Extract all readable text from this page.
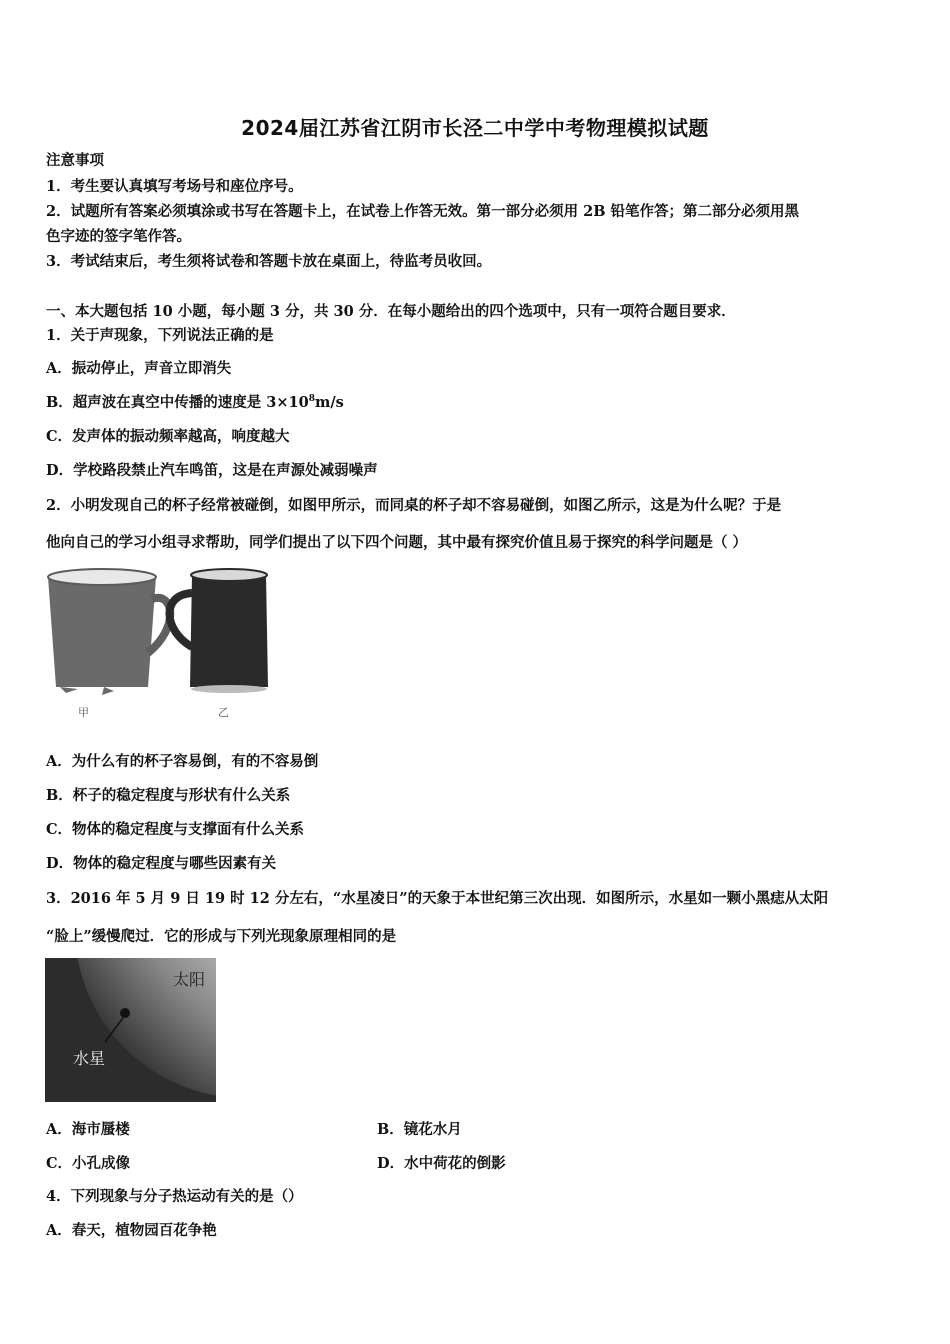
2024届江苏省江阴市长泾二中学中考物理模拟试题
注意事项
1．考生要认真填写考场号和座位序号。
2．试题所有答案必须填涂或书写在答题卡上，在试卷上作答无效。第一部分必须用 2B 铅笔作答；第二部分必须用黑
色字迹的签字笔作答。
3．考试结束后，考生须将试卷和答题卡放在桌面上，待监考员收回。
一、本大题包括 10 小题，每小题 3 分，共 30 分．在每小题给出的四个选项中，只有一项符合题目要求．
1．关于声现象，下列说法正确的是
A．振动停止，声音立即消失
B．超声波在真空中传播的速度是 $3\times 10^8m/s$
C．发声体的振动频率越高，响度越大
D．学校路段禁止汽车鸣笛，这是在声源处减弱噪声
2．小明发现自己的杯子经常被碰倒，如图甲所示，而同桌的杯子却不容易碰倒，如图乙所示，这是为什么呢？于是
他向自己的学习小组寻求帮助，同学们提出了以下四个问题，其中最有探究价值且易于探究的科学问题是（ ）
甲	乙
A．为什么有的杯子容易倒，有的不容易倒
B．杯子的稳定程度与形状有什么关系
C．物体的稳定程度与支撑面有什么关系
D．物体的稳定程度与哪些因素有关
3．2016 年 5 月 9 日 19 时 12 分左右，“水星凌日”的天象于本世纪第三次出现．如图所示，水星如一颗小黑痣从太阳
“脸上”缓慢爬过．它的形成与下列光现象原理相同的是
太阳
水星
A．海市蜃楼	B．镜花水月
C．小孔成像	D．水中荷花的倒影
4．下列现象与分子热运动有关的是（）
A．春天，植物园百花争艳
